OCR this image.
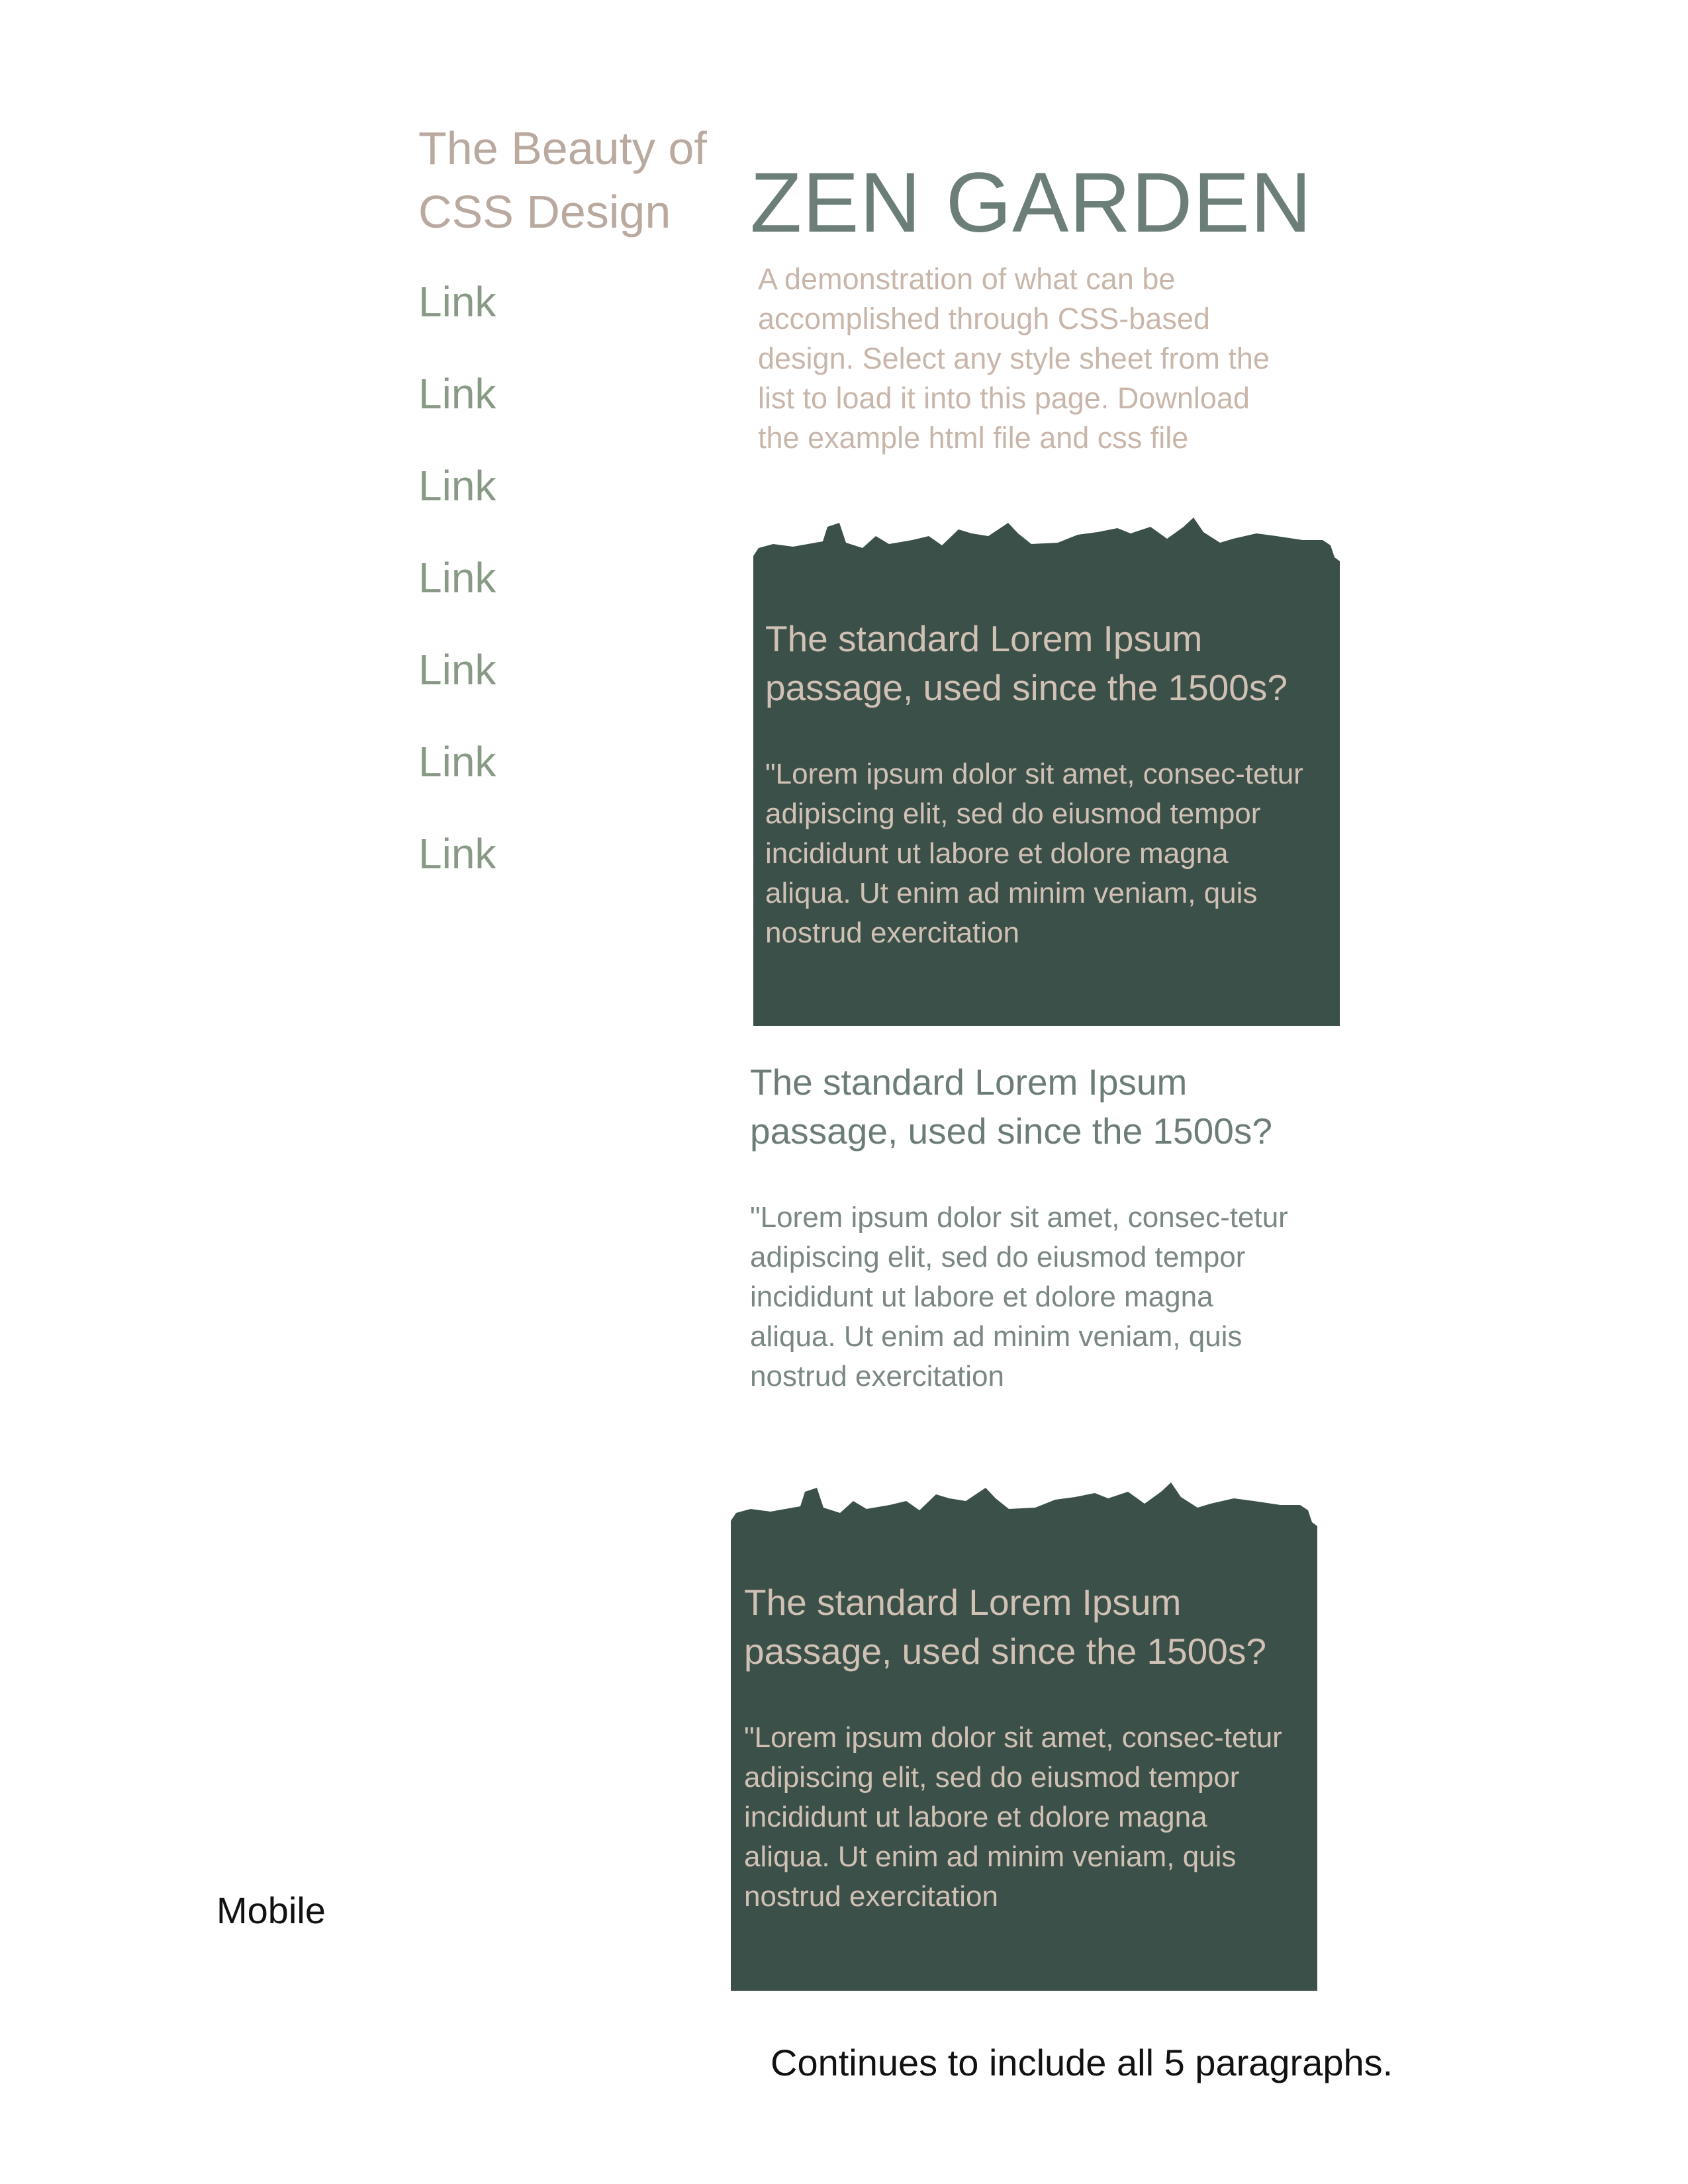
The Beauty of CSS Design
Link
Link
Link
Link
Link
Link
Link
ZEN GARDEN

A demonstration of what can be accomplished through CSS-based design. Select any style sheet from the list to load it into this page. Download the example html file and css file

The standard Lorem Ipsum passage, used since the 1500s?

"Lorem ipsum dolor sit amet, consec-tetur adipiscing elit, sed do eiusmod tempor incididunt ut labore et dolore magna aliqua. Ut enim ad minim veniam, quis nostrud exercitation

The standard Lorem Ipsum passage, used since the 1500s?

"Lorem ipsum dolor sit amet, consec-tetur adipiscing elit, sed do eiusmod tempor incididunt ut labore et dolore magna aliqua. Ut enim ad minim veniam, quis nostrud exercitation

The standard Lorem Ipsum passage, used since the 1500s?

"Lorem ipsum dolor sit amet, consec-tetur adipiscing elit, sed do eiusmod tempor incididunt ut labore et dolore magna aliqua. Ut enim ad minim veniam, quis nostrud exercitation

Mobile
Continues to include all 5 paragraphs.
